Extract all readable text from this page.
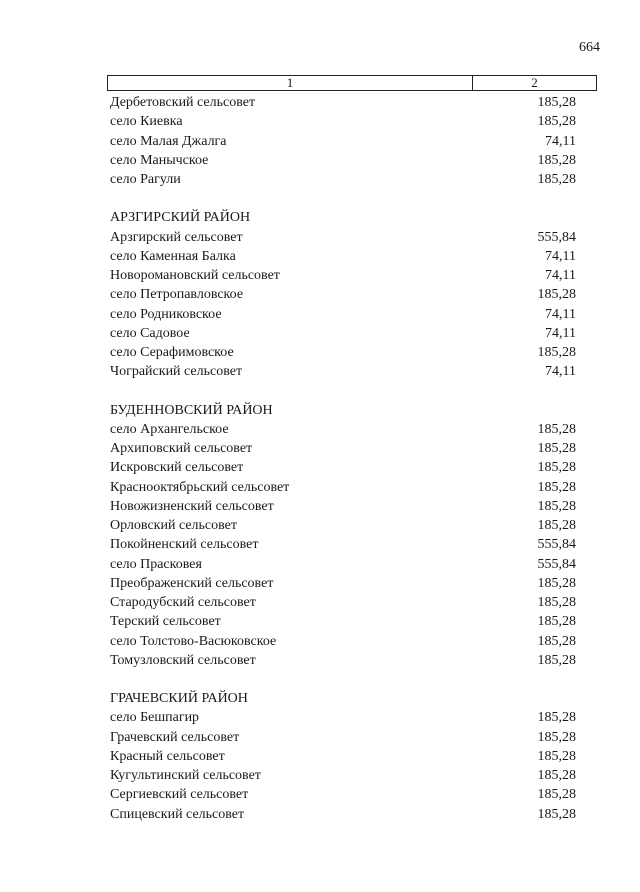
664
1	2
Дербетовский сельсовет	185,28
село Киевка	185,28
село Малая Джалга	74,11
село Манычское	185,28
село Рагули	185,28
АРЗГИРСКИЙ РАЙОН
Арзгирский сельсовет	555,84
село Каменная Балка	74,11
Новоромановский сельсовет	74,11
село Петропавловское	185,28
село Родниковское	74,11
село Садовое	74,11
село Серафимовское	185,28
Чограйский сельсовет	74,11
БУДЕННОВСКИЙ РАЙОН
село Архангельское	185,28
Архиповский сельсовет	185,28
Искровский сельсовет	185,28
Краснооктябрьский сельсовет	185,28
Новожизненский сельсовет	185,28
Орловский сельсовет	185,28
Покойненский сельсовет	555,84
село Прасковея	555,84
Преображенский сельсовет	185,28
Стародубский сельсовет	185,28
Терский сельсовет	185,28
село Толстово-Васюковское	185,28
Томузловский сельсовет	185,28
ГРАЧЕВСКИЙ РАЙОН
село Бешпагир	185,28
Грачевский сельсовет	185,28
Красный сельсовет	185,28
Кугультинский сельсовет	185,28
Сергиевский сельсовет	185,28
Спицевский сельсовет	185,28
